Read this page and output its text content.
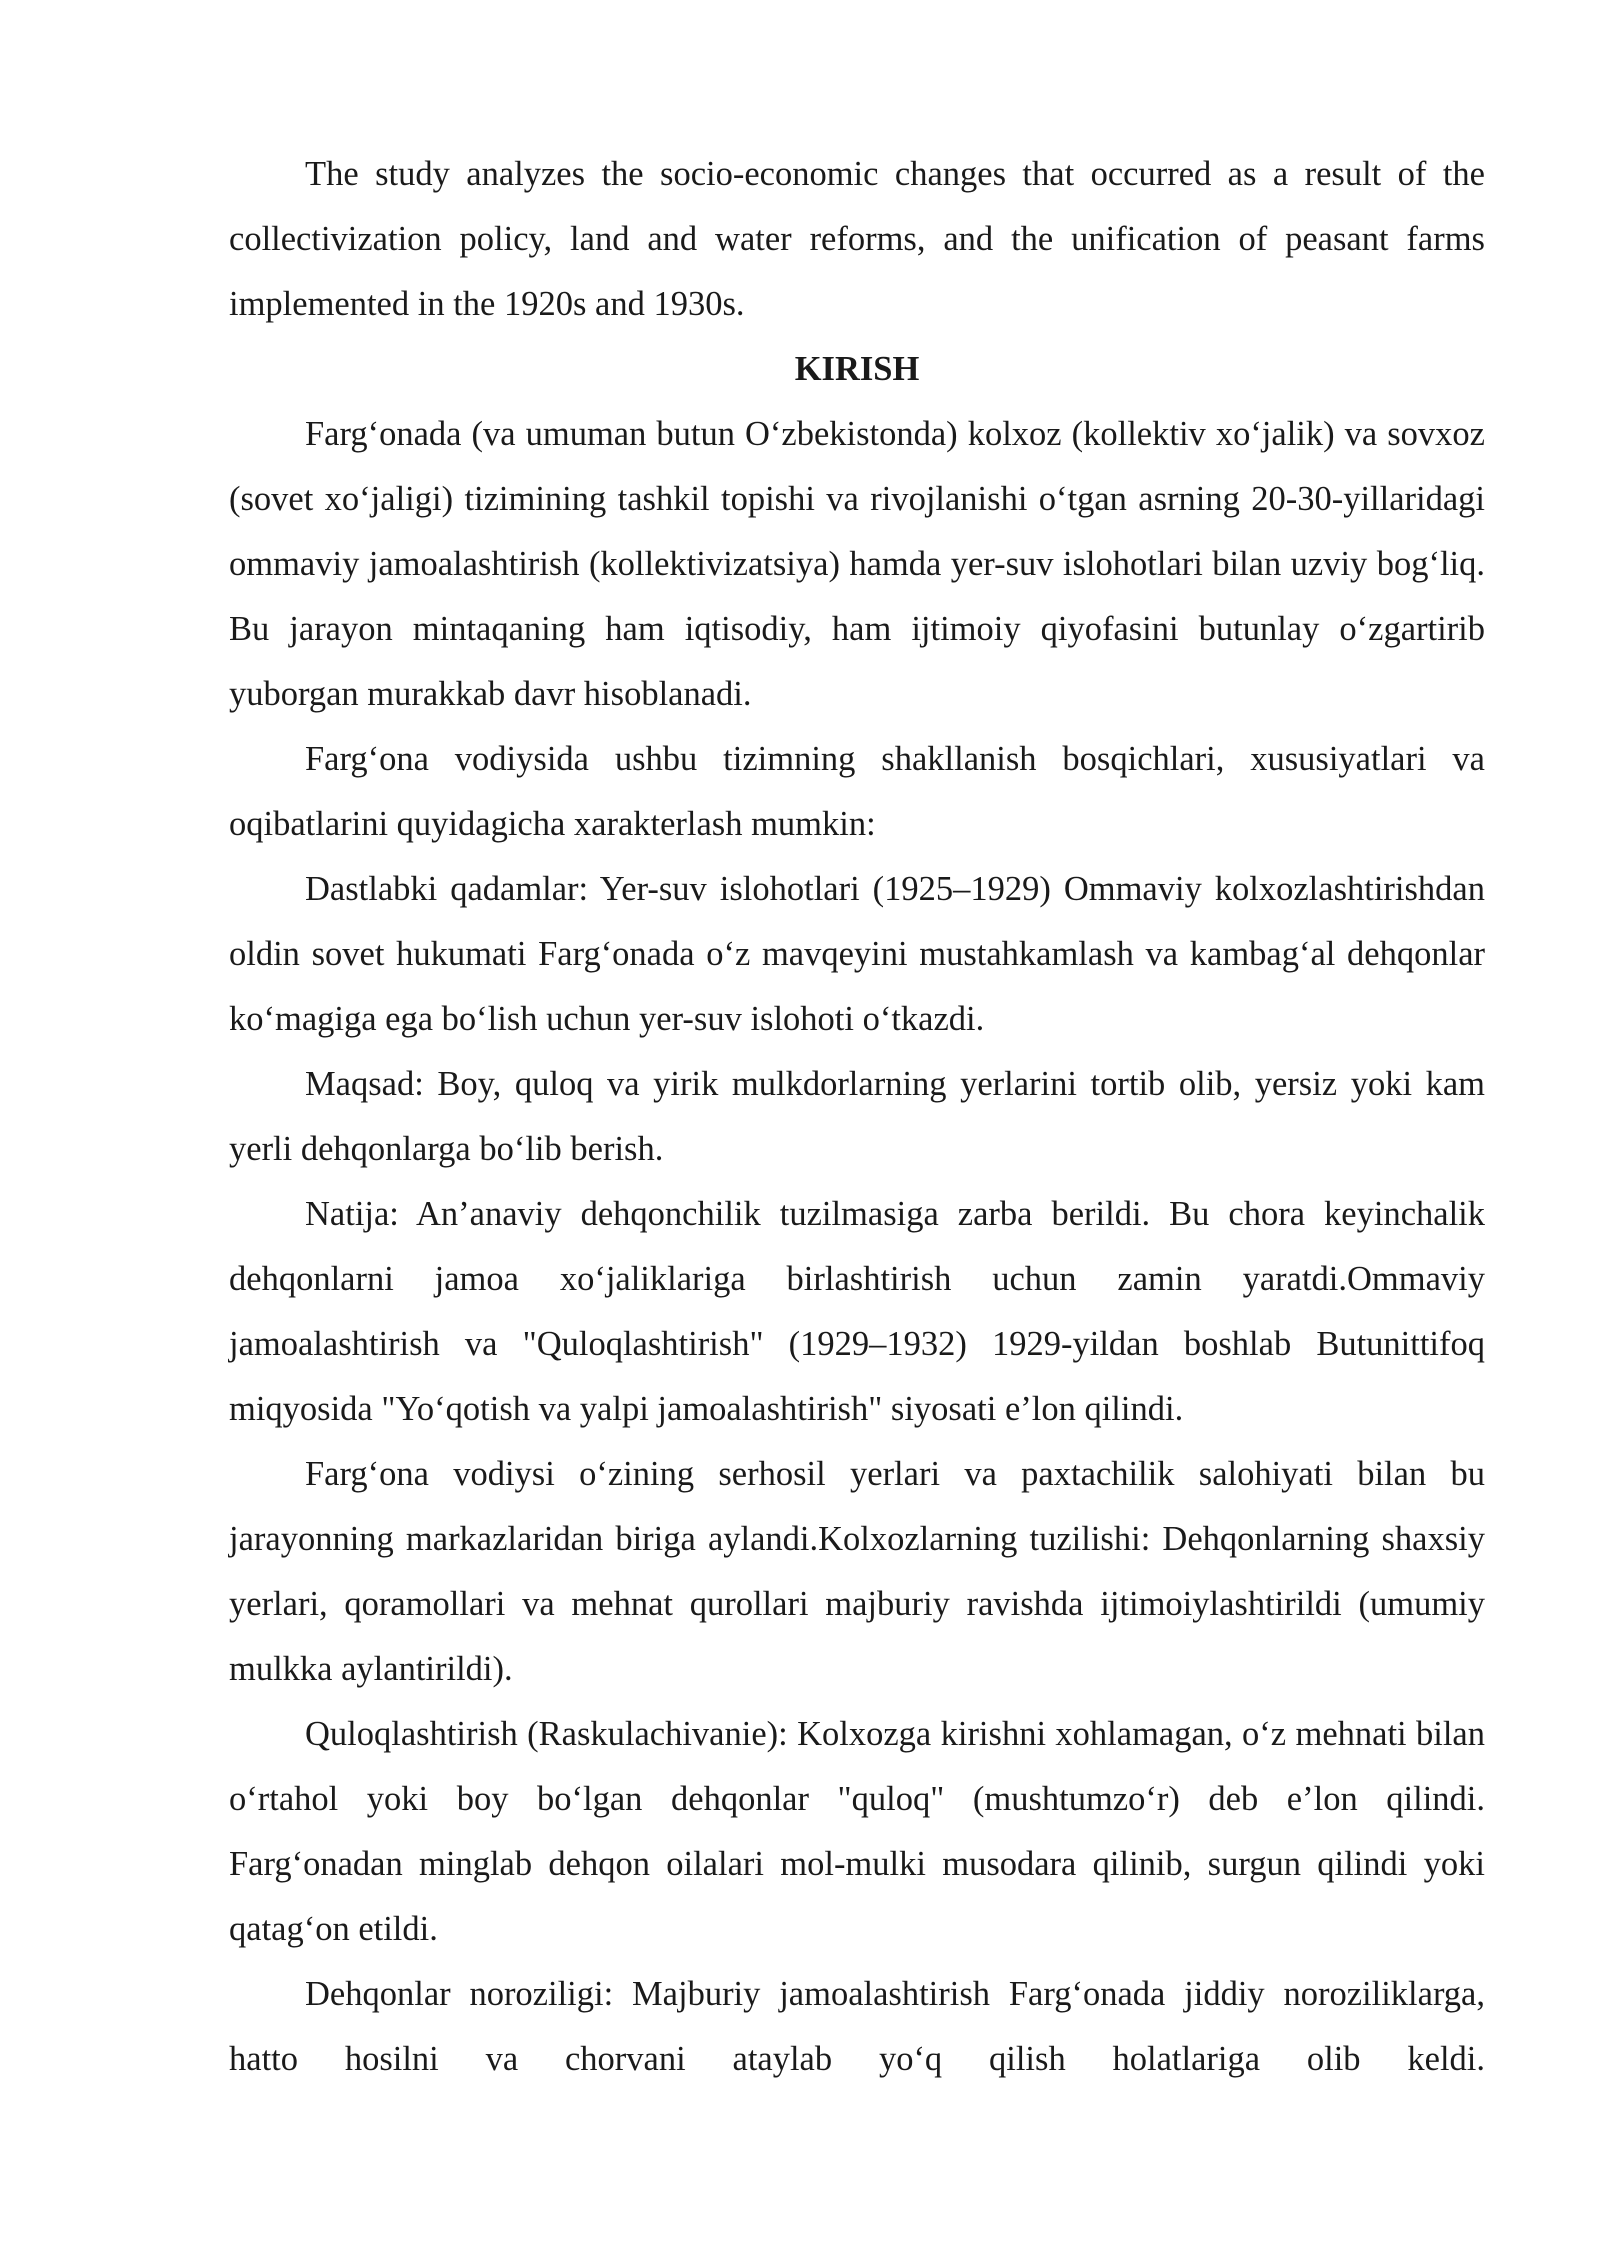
The study analyzes the socio-economic changes that occurred as a result of the collectivization policy, land and water reforms, and the unification of peasant farms implemented in the 1920s and 1930s.

KIRISH

Farg‘onada (va umuman butun O‘zbekistonda) kolxoz (kollektiv xo‘jalik) va sovxoz (sovet xo‘jaligi) tizimining tashkil topishi va rivojlanishi o‘tgan asrning 20-30-yillaridagi ommaviy jamoalashtirish (kollektivizatsiya) hamda yer-suv islohotlari bilan uzviy bog‘liq. Bu jarayon mintaqaning ham iqtisodiy, ham ijtimoiy qiyofasini butunlay o‘zgartirib yuborgan murakkab davr hisoblanadi.

Farg‘ona vodiysida ushbu tizimning shakllanish bosqichlari, xususiyatlari va oqibatlarini quyidagicha xarakterlash mumkin:

Dastlabki qadamlar: Yer-suv islohotlari (1925–1929) Ommaviy kolxozlashtirishdan oldin sovet hukumati Farg‘onada o‘z mavqeyini mustahkamlash va kambag‘al dehqonlar ko‘magiga ega bo‘lish uchun yer-suv islohoti o‘tkazdi.

Maqsad: Boy, quloq va yirik mulkdorlarning yerlarini tortib olib, yersiz yoki kam yerli dehqonlarga bo‘lib berish.

Natija: An’anaviy dehqonchilik tuzilmasiga zarba berildi. Bu chora keyinchalik dehqonlarni jamoa xo‘jaliklariga birlashtirish uchun zamin yaratdi.Ommaviy jamoalashtirish va "Quloqlashtirish" (1929–1932) 1929-yildan boshlab Butunittifoq miqyosida "Yo‘qotish va yalpi jamoalashtirish" siyosati e’lon qilindi.

Farg‘ona vodiysi o‘zining serhosil yerlari va paxtachilik salohiyati bilan bu jarayonning markazlaridan biriga aylandi.Kolxozlarning tuzilishi: Dehqonlarning shaxsiy yerlari, qoramollari va mehnat qurollari majburiy ravishda ijtimoiylashtirildi (umumiy mulkka aylantirildi).

Quloqlashtirish (Raskulachivanie): Kolxozga kirishni xohlamagan, o‘z mehnati bilan o‘rtahol yoki boy bo‘lgan dehqonlar "quloq" (mushtumzo‘r) deb e’lon qilindi. Farg‘onadan minglab dehqon oilalari mol-mulki musodara qilinib, surgun qilindi yoki qatag‘on etildi.

Dehqonlar noroziligi: Majburiy jamoalashtirish Farg‘onada jiddiy noroziliklarga, hatto hosilni va chorvani ataylab yo‘q qilish holatlariga olib keldi.
